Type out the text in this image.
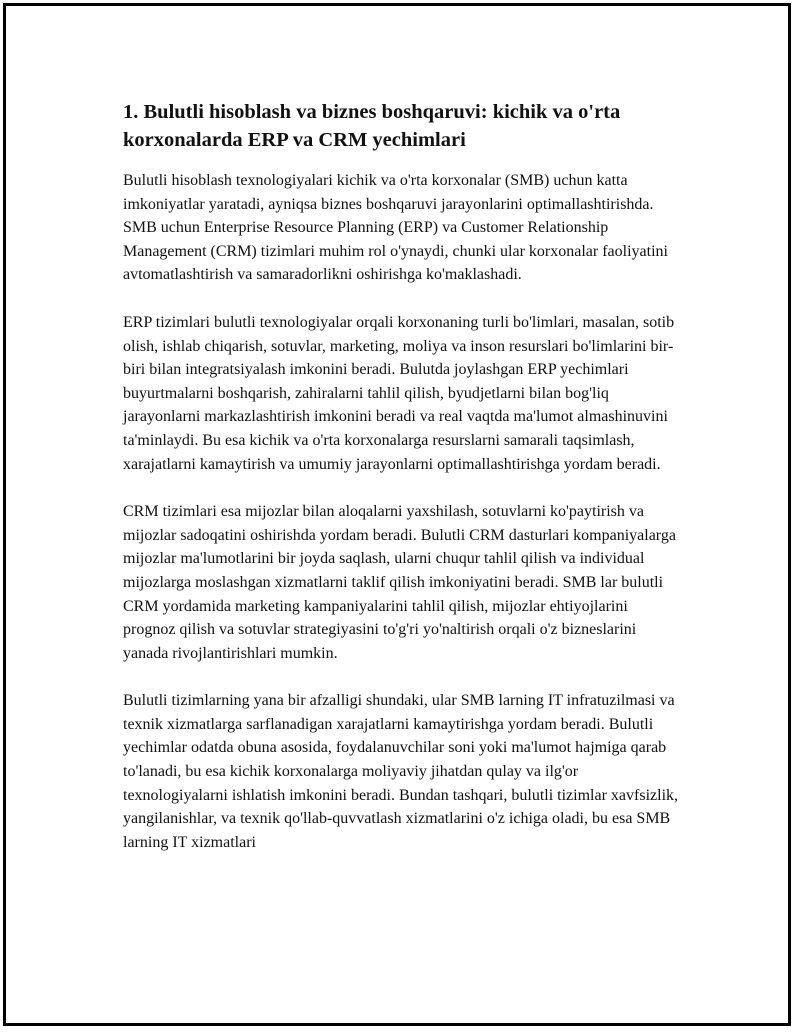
1. Bulutli hisoblash va biznes boshqaruvi: kichik va o'rta korxonalarda ERP va CRM yechimlari

Bulutli hisoblash texnologiyalari kichik va o'rta korxonalar (SMB) uchun katta imkoniyatlar yaratadi, ayniqsa biznes boshqaruvi jarayonlarini optimallashtirishda. SMB uchun Enterprise Resource Planning (ERP) va Customer Relationship Management (CRM) tizimlari muhim rol o'ynaydi, chunki ular korxonalar faoliyatini avtomatlashtirish va samaradorlikni oshirishga ko'maklashadi.

ERP tizimlari bulutli texnologiyalar orqali korxonaning turli bo'limlari, masalan, sotib olish, ishlab chiqarish, sotuvlar, marketing, moliya va inson resurslari bo'limlarini bir-biri bilan integratsiyalash imkonini beradi. Bulutda joylashgan ERP yechimlari buyurtmalarni boshqarish, zahiralarni tahlil qilish, byudjetlarni bilan bog'liq jarayonlarni markazlashtirish imkonini beradi va real vaqtda ma'lumot almashinuvini ta'minlaydi. Bu esa kichik va o'rta korxonalarga resurslarni samarali taqsimlash, xarajatlarni kamaytirish va umumiy jarayonlarni optimallashtirishga yordam beradi.

CRM tizimlari esa mijozlar bilan aloqalarni yaxshilash, sotuvlarni ko'paytirish va mijozlar sadoqatini oshirishda yordam beradi. Bulutli CRM dasturlari kompaniyalarga mijozlar ma'lumotlarini bir joyda saqlash, ularni chuqur tahlil qilish va individual mijozlarga moslashgan xizmatlarni taklif qilish imkoniyatini beradi. SMB lar bulutli CRM yordamida marketing kampaniyalarini tahlil qilish, mijozlar ehtiyojlarini prognoz qilish va sotuvlar strategiyasini to'g'ri yo'naltirish orqali o'z bizneslarini yanada rivojlantirishlari mumkin.

Bulutli tizimlarning yana bir afzalligi shundaki, ular SMB larning IT infratuzilmasi va texnik xizmatlarga sarflanadigan xarajatlarni kamaytirishga yordam beradi. Bulutli yechimlar odatda obuna asosida, foydalanuvchilar soni yoki ma'lumot hajmiga qarab to'lanadi, bu esa kichik korxonalarga moliyaviy jihatdan qulay va ilg'or texnologiyalarni ishlatish imkonini beradi. Bundan tashqari, bulutli tizimlar xavfsizlik, yangilanishlar, va texnik qo'llab-quvvatlash xizmatlarini o'z ichiga oladi, bu esa SMB larning IT xizmatlari
